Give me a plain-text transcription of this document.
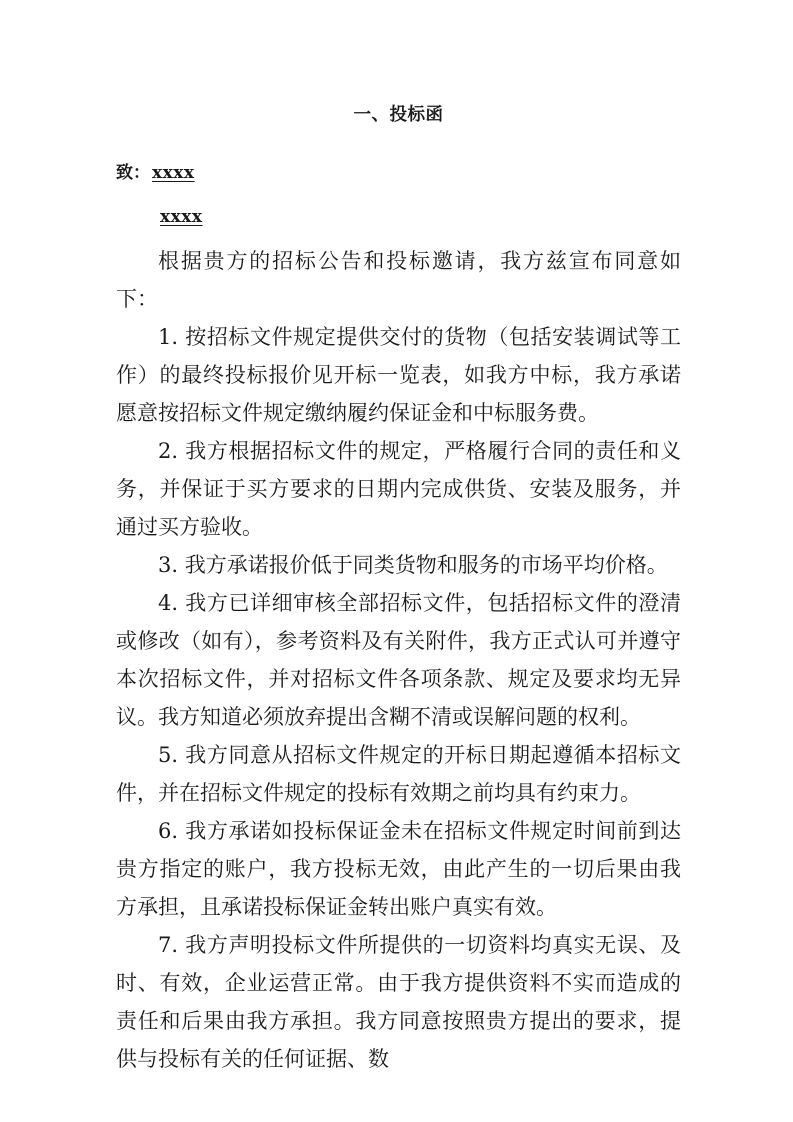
一、投标函

致： xxxx

xxxx

根据贵方的招标公告和投标邀请，我方兹宣布同意如下：

1. 按招标文件规定提供交付的货物（包括安装调试等工作）的最终投标报价见开标一览表，如我方中标，我方承诺愿意按招标文件规定缴纳履约保证金和中标服务费。

2. 我方根据招标文件的规定，严格履行合同的责任和义务，并保证于买方要求的日期内完成供货、安装及服务，并通过买方验收。

3. 我方承诺报价低于同类货物和服务的市场平均价格。

4. 我方已详细审核全部招标文件，包括招标文件的澄清或修改（如有），参考资料及有关附件，我方正式认可并遵守本次招标文件，并对招标文件各项条款、规定及要求均无异议。我方知道必须放弃提出含糊不清或误解问题的权利。

5. 我方同意从招标文件规定的开标日期起遵循本招标文件，并在招标文件规定的投标有效期之前均具有约束力。

6. 我方承诺如投标保证金未在招标文件规定时间前到达贵方指定的账户，我方投标无效，由此产生的一切后果由我方承担，且承诺投标保证金转出账户真实有效。

7. 我方声明投标文件所提供的一切资料均真实无误、及时、有效，企业运营正常。由于我方提供资料不实而造成的责任和后果由我方承担。我方同意按照贵方提出的要求，提供与投标有关的任何证据、数
